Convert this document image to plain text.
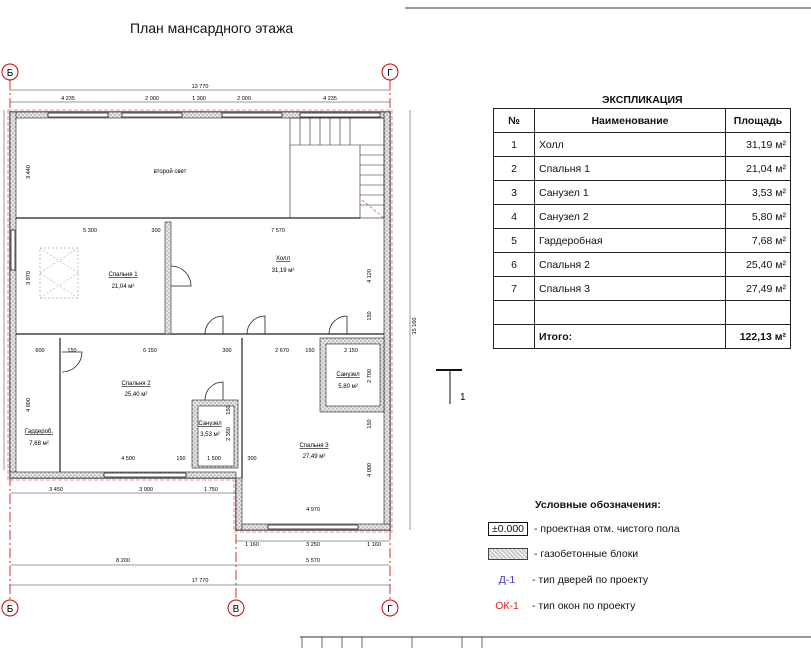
План мансардного этажа
Б	Г
Б	В	Г
второй свет
Холл
31,19 м²
Спальня 1
21,04 м²
Спальня 2
25,40 м²
Спальня 3
27,49 м²
Санузел
3,53 м²
Санузел
5,80 м²
Гардероб.
7,68 м²
13 770
4 235	2 000	1 300	2 000	4 235
5 300	300	7 570
600	150	6 150	300	2 670	150	2 150
4 500	150	1 500	300
3 450	3 000	1 750
4 970
1 160	3 250	1 160
8 200	5 570
17 770
3 440
3 970
4 800
4 120
15 160
2 700
4 000
2 350
150
150
150
1
ЭКСПЛИКАЦИЯ
№	Наименование	Площадь
1	Холл	31,19 м²
2	Спальня 1	21,04 м²
3	Санузел 1	3,53 м²
4	Санузел 2	5,80 м²
5	Гардеробная	7,68 м²
6	Спальня 2	25,40 м²
7	Спальня 3	27,49 м²

	Итого:	122,13 м²
Условные обозначения:
±0.000 - проектная отм. чистого пола
- газобетонные блоки
Д-1	- тип дверей по проекту
ОК-1	- тип окон по проекту
